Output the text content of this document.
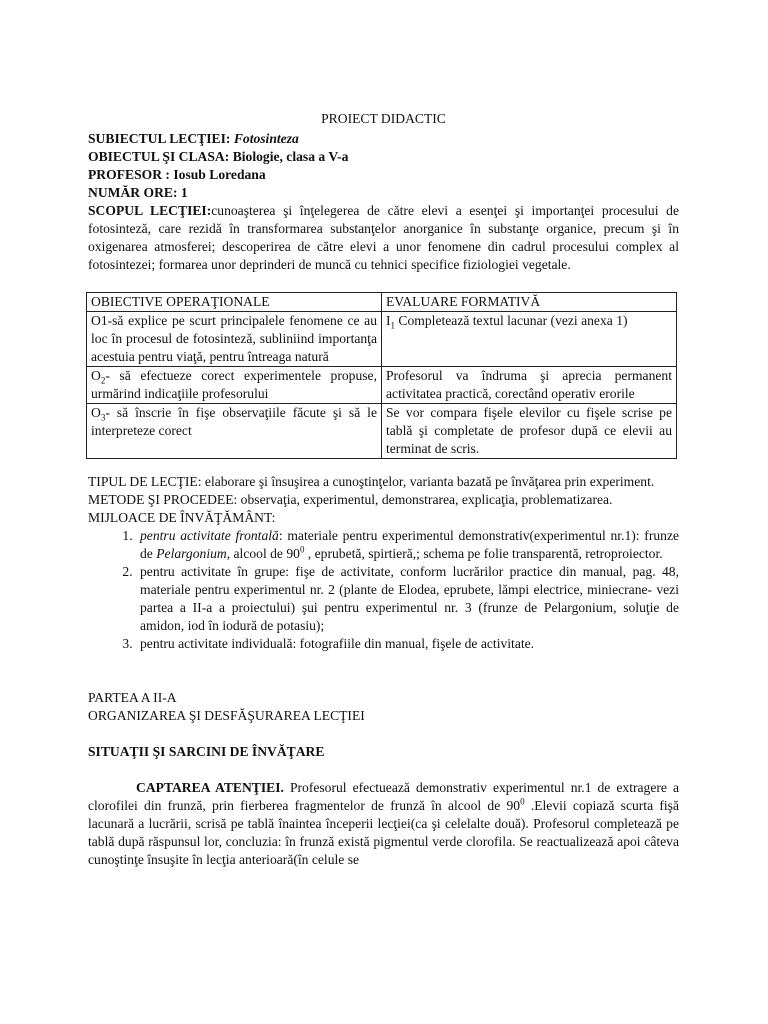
PROIECT DIDACTIC

SUBIECTUL LECŢIEI: Fotosinteza

OBIECTUL ŞI CLASA: Biologie, clasa a V-a

PROFESOR : Iosub Loredana

NUMĂR ORE: 1

SCOPUL LECŢIEI:cunoaşterea şi înţelegerea de către elevi a esenţei şi importanţei procesului de fotosinteză, care rezidă în transformarea substanţelor anorganice în substanţe organice, precum şi în oxigenarea atmosferei; descoperirea de către elevi a unor fenomene din cadrul procesului complex al fotosintezei; formarea unor deprinderi de muncă cu tehnici specifice fiziologiei vegetale.

OBIECTIVE OPERAŢIONALE	EVALUARE FORMATIVĂ
O1-să explice pe scurt principalele fenomene ce au loc în procesul de fotosinteză, subliniind importanţa acestuia pentru viaţă, pentru întreaga natură	$I_1$ Completează textul lacunar (vezi anexa 1)
$O_2-$ să efectueze corect experimentele propuse, urmărind indicaţiile profesorului	Profesorul va îndruma şi aprecia permanent activitatea practică, corectând operativ erorile
$O_3-$ să înscrie în fişe observaţiile făcute şi să le interpreteze corect	Se vor compara fişele elevilor cu fişele scrise pe tablă şi completate de profesor după ce elevii au terminat de scris.

TIPUL DE LECŢIE: elaborare şi însuşirea a cunoştinţelor, varianta bazată pe învăţarea prin experiment.

METODE ŞI PROCEDEE: observaţia, experimentul, demonstrarea, explicaţia, problematizarea.

MIJLOACE DE ÎNVĂŢĂMÂNT:

1. pentru activitate frontală: materiale pentru experimentul demonstrativ(experimentul nr.1): frunze de Pelargonium, alcool de $90^0$ , eprubetă, spirtieră,; schema pe folie transparentă, retroproiector.
2. pentru activitate în grupe: fişe de activitate, conform lucrărilor practice din manual, pag. 48, materiale pentru experimentul nr. 2 (plante de Elodea, eprubete, lămpi electrice, miniecrane- vezi partea a II-a a proiectului) şui pentru experimentul nr. 3 (frunze de Pelargonium, soluţie de amidon, iod în iodură de potasiu);
3. pentru activitate individuală: fotografiile din manual, fişele de activitate.

PARTEA A II-A

ORGANIZAREA ŞI DESFĂŞURAREA LECŢIEI

SITUAŢII ŞI SARCINI DE ÎNVĂŢARE

CAPTAREA ATENŢIEI. Profesorul efectuează demonstrativ experimentul nr.1 de extragere a clorofilei din frunză, prin fierberea fragmentelor de frunză în alcool de $90^0$ .Elevii copiază scurta fişă lacunară a lucrării, scrisă pe tablă înaintea începerii lecţiei(ca şi celelalte două). Profesorul completează pe tablă după răspunsul lor, concluzia: în frunză există pigmentul verde clorofila. Se reactualizează apoi câteva cunoştinţe însuşite în lecţia anterioară(în celule se
